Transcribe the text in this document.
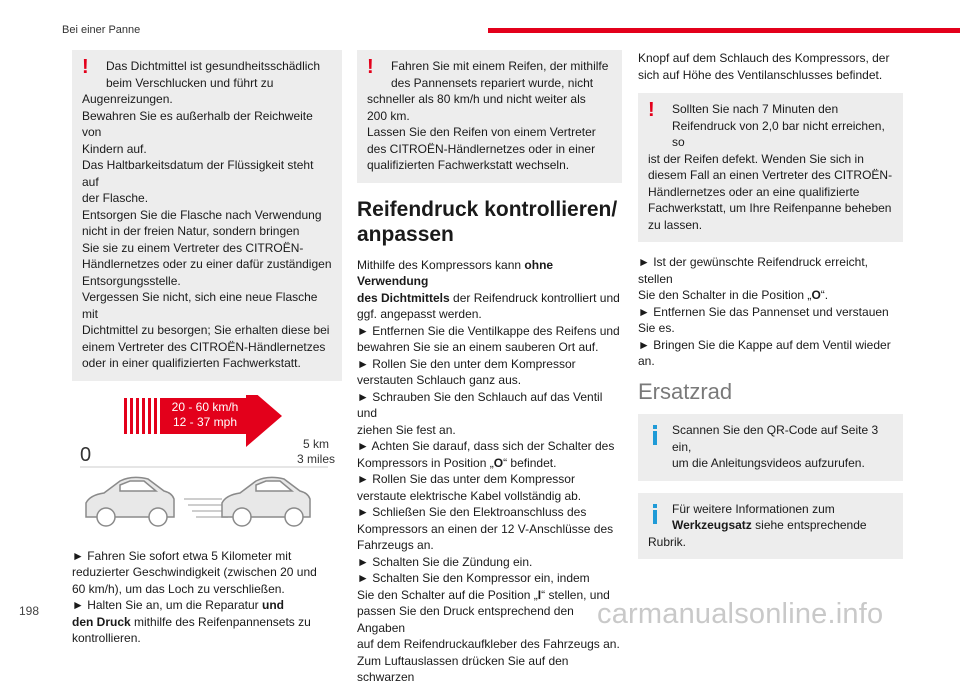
Bei einer Panne
!	Das Dichtmittel ist gesundheitsschädlich
beim Verschlucken und führt zu
Augenreizungen.
Bewahren Sie es außerhalb der Reichweite von
Kindern auf.
Das Haltbarkeitsdatum der Flüssigkeit steht auf
der Flasche.
Entsorgen Sie die Flasche nach Verwendung
nicht in der freien Natur, sondern bringen
Sie sie zu einem Vertreter des CITROËN-
Händlernetzes oder zu einer dafür zuständigen
Entsorgungsstelle.
Vergessen Sie nicht, sich eine neue Flasche mit
Dichtmittel zu besorgen; Sie erhalten diese bei
einem Vertreter des CITROËN-Händlernetzes
oder in einer qualifizierten Fachwerkstatt.
20 - 60 km/h
12 - 37 mph
5 km
3 miles
0
► Fahren Sie sofort etwa 5 Kilometer mit
reduzierter Geschwindigkeit (zwischen 20 und
60 km/h), um das Loch zu verschließen.
► Halten Sie an, um die Reparatur und
den Druck mithilfe des Reifenpannensets zu
kontrollieren.
!	Fahren Sie mit einem Reifen, der mithilfe
des Pannensets repariert wurde, nicht
schneller als 80 km/h und nicht weiter als
200 km.
Lassen Sie den Reifen von einem Vertreter
des CITROËN-Händlernetzes oder in einer
qualifizierten Fachwerkstatt wechseln.
Reifendruck kontrollieren/
anpassen
Mithilfe des Kompressors kann ohne Verwendung
des Dichtmittels der Reifendruck kontrolliert und
ggf. angepasst werden.
► Entfernen Sie die Ventilkappe des Reifens und
bewahren Sie sie an einem sauberen Ort auf.
► Rollen Sie den unter dem Kompressor
verstauten Schlauch ganz aus.
► Schrauben Sie den Schlauch auf das Ventil und
ziehen Sie fest an.
► Achten Sie darauf, dass sich der Schalter des
Kompressors in Position „O“ befindet.
► Rollen Sie das unter dem Kompressor
verstaute elektrische Kabel vollständig ab.
► Schließen Sie den Elektroanschluss des
Kompressors an einen der 12 V-Anschlüsse des
Fahrzeugs an.
► Schalten Sie die Zündung ein.
► Schalten Sie den Kompressor ein, indem
Sie den Schalter auf die Position „I“ stellen, und
passen Sie den Druck entsprechend den Angaben
auf dem Reifendruckaufkleber des Fahrzeugs an.
Zum Luftauslassen drücken Sie auf den schwarzen
Knopf auf dem Schlauch des Kompressors, der
sich auf Höhe des Ventilanschlusses befindet.
!	Sollten Sie nach 7 Minuten den
Reifendruck von 2,0 bar nicht erreichen, so
ist der Reifen defekt. Wenden Sie sich in
diesem Fall an einen Vertreter des CITROËN-
Händlernetzes oder an eine qualifizierte
Fachwerkstatt, um Ihre Reifenpanne beheben
zu lassen.
► Ist der gewünschte Reifendruck erreicht, stellen
Sie den Schalter in die Position „O“.
► Entfernen Sie das Pannenset und verstauen
Sie es.
► Bringen Sie die Kappe auf dem Ventil wieder
an.
Ersatzrad
Scannen Sie den QR-Code auf Seite 3 ein,
um die Anleitungsvideos aufzurufen.
Für weitere Informationen zum
Werkzeugsatz siehe entsprechende
Rubrik.
198	carmanualsonline.info
